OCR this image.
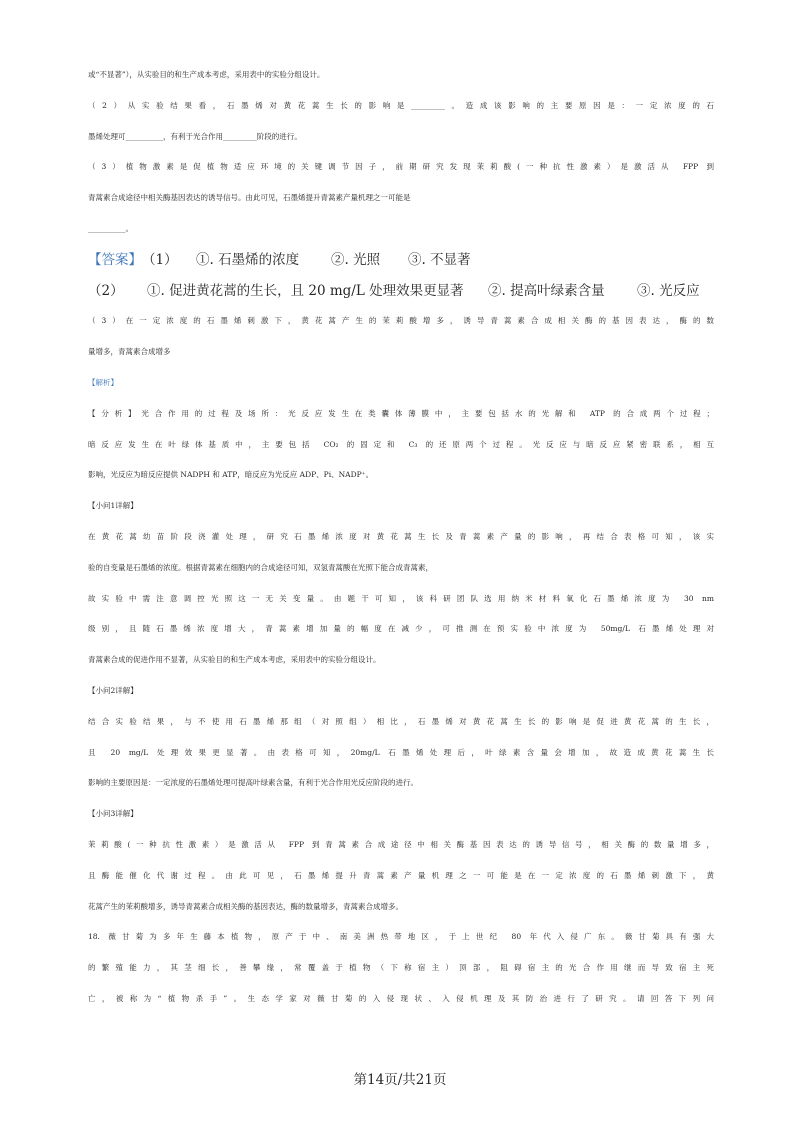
或“不显著”），从实验目的和生产成本考虑，采用表中的实验分组设计。
（2）从实验结果看，石墨烯对黄花蒿生长的影响是_________。造成该影响的主要原因是：一定浓度的石
墨烯处理可__________，有利于光合作用_________阶段的进行。
（3）植物激素是促植物适应环境的关键调节因子，前期研究发现茉莉酸(一种抗性激素）是激活从 FPP 到
青蒿素合成途径中相关酶基因表达的诱导信号。由此可见，石墨烯提升青蒿素产量机理之一可能是
__________。
【答案】 （1） ①. 石墨烯的浓度 ②. 光照 ③. 不显著
（2） ①. 促进黄花蒿的生长，且 20 mg/L 处理效果更显著 ②. 提高叶绿素含量 ③. 光反应
（3）在一定浓度的石墨烯刺激下，黄花蒿产生的茉莉酸增多，诱导青蒿素合成相关酶的基因表达，酶的数
量增多，青蒿素合成增多
【解析】
【分析】光合作用的过程及场所：光反应发生在类囊体薄膜中，主要包括水的光解和 ATP 的合成两个过程；
暗反应发生在叶绿体基质中，主要包括 CO₂ 的固定和 C₃ 的还原两个过程。光反应与暗反应紧密联系，相互
影响，光反应为暗反应提供 NADPH 和 ATP，暗反应为光反应 ADP、Pi、NADP⁺。
【小问1详解】
在黄花蒿幼苗阶段浇灌处理，研究石墨烯浓度对黄花蒿生长及青蒿素产量的影响，再结合表格可知，该实
验的自变量是石墨烯的浓度。根据青蒿素在细胞内的合成途径可知，双氢青蒿酸在光照下能合成青蒿素，
故实验中需注意调控光照这一无关变量。由题干可知，该科研团队选用纳米材料氧化石墨烯浓度为 30 nm
级别，且随石墨烯浓度增大，青蒿素增加量的幅度在减少，可推测在预实验中浓度为 50mg/L 石墨烯处理对
青蒿素合成的促进作用不显著，从实验目的和生产成本考虑，采用表中的实验分组设计。
【小问2详解】
结合实验结果，与不使用石墨烯那组（对照组）相比，石墨烯对黄花蒿生长的影响是促进黄花蒿的生长，
且 20 mg/L 处理效果更显著。由表格可知，20mg/L 石墨烯处理后，叶绿素含量会增加，故造成黄花蒿生长
影响的主要原因是：一定浓度的石墨烯处理可提高叶绿素含量，有利于光合作用光反应阶段的进行。
【小问3详解】
茉莉酸(一种抗性激素）是激活从 FPP 到青蒿素合成途径中相关酶基因表达的诱导信号，相关酶的数量增多，
且酶能催化代谢过程。由此可见，石墨烯提升青蒿素产量机理之一可能是在一定浓度的石墨烯刺激下，黄
花蒿产生的茉莉酸增多，诱导青蒿素合成相关酶的基因表达，酶的数量增多，青蒿素合成增多。
18. 薇甘菊为多年生藤本植物，原产于中、南美洲热带地区，于上世纪 80 年代入侵广东。薇甘菊具有强大
的繁殖能力，其茎细长，善攀缘，常覆盖于植物（下称宿主）顶部，阻碍宿主的光合作用继而导致宿主死
亡，被称为“植物杀手”。生态学家对薇甘菊的入侵现状、入侵机理及其防治进行了研究。请回答下列问
第14页/共21页
